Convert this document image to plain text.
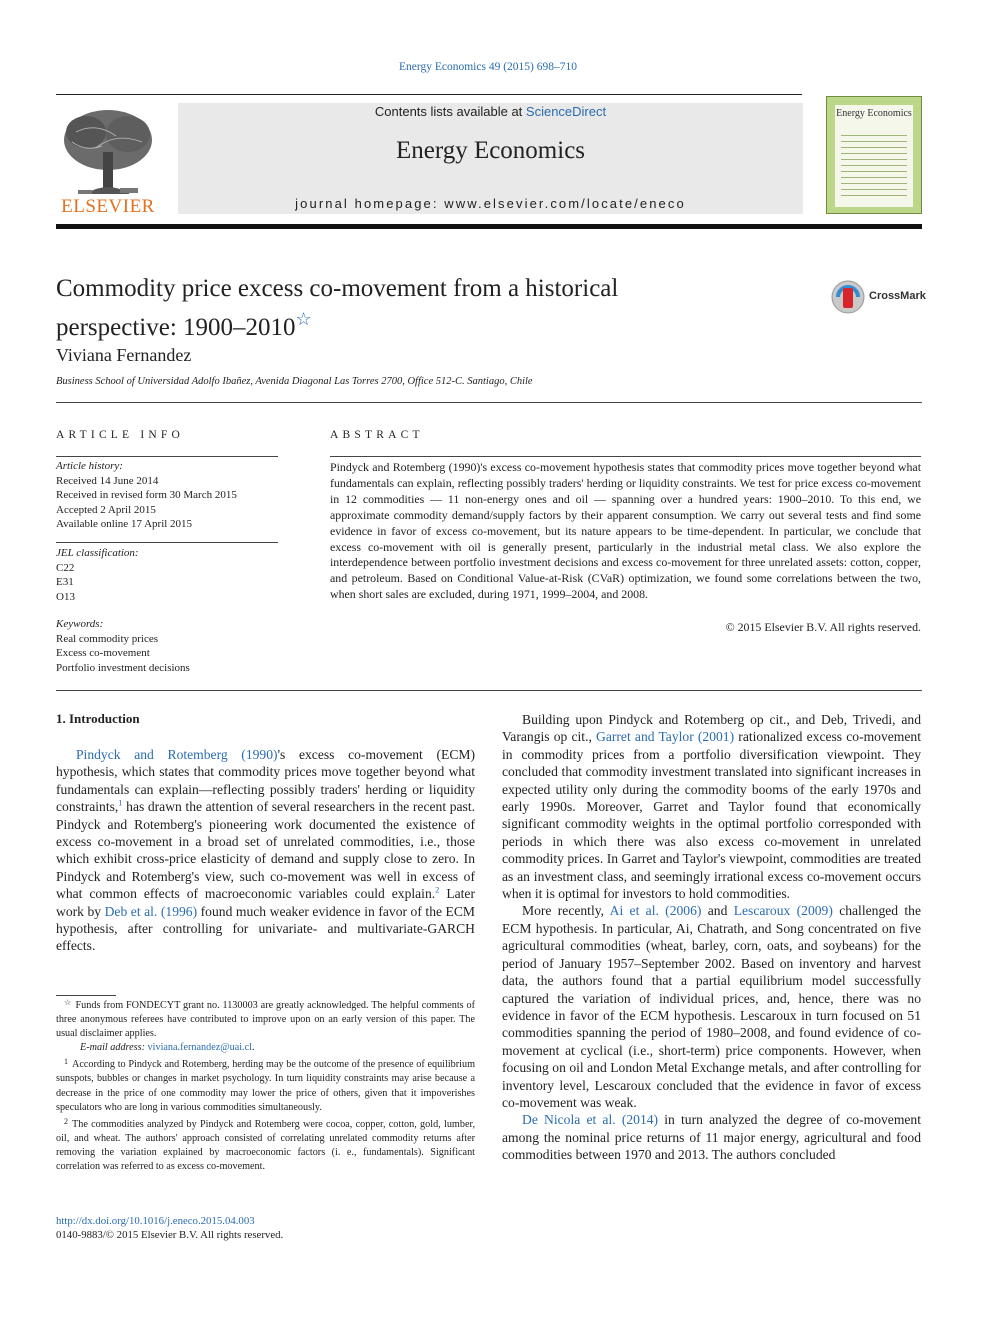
Energy Economics 49 (2015) 698–710
ELSEVIER
Contents lists available at ScienceDirect
Energy Economics
journal homepage: www.elsevier.com/locate/eneco
Energy Economics
Commodity price excess co-movement from a historical perspective: 1900–2010☆
CrossMark
Viviana Fernandez
Business School of Universidad Adolfo Ibañez, Avenida Diagonal Las Torres 2700, Office 512-C. Santiago, Chile
ARTICLE INFO
Article history:
Received 14 June 2014
Received in revised form 30 March 2015
Accepted 2 April 2015
Available online 17 April 2015
JEL classification:
C22
E31
O13
Keywords:
Real commodity prices
Excess co-movement
Portfolio investment decisions
ABSTRACT
Pindyck and Rotemberg (1990)'s excess co-movement hypothesis states that commodity prices move together beyond what fundamentals can explain, reflecting possibly traders' herding or liquidity constraints. We test for price excess co-movement in 12 commodities — 11 non-energy ones and oil — spanning over a hundred years: 1900–2010. To this end, we approximate commodity demand/supply factors by their apparent consumption. We carry out several tests and find some evidence in favor of excess co-movement, but its nature appears to be time-dependent. In particular, we conclude that excess co-movement with oil is generally present, particularly in the industrial metal class. We also explore the interdependence between portfolio investment decisions and excess co-movement for three unrelated assets: cotton, copper, and petroleum. Based on Conditional Value-at-Risk (CVaR) optimization, we found some correlations between the two, when short sales are excluded, during 1971, 1999–2004, and 2008.
© 2015 Elsevier B.V. All rights reserved.
1. Introduction

Pindyck and Rotemberg (1990)'s excess co-movement (ECM) hypothesis, which states that commodity prices move together beyond what fundamentals can explain—reflecting possibly traders' herding or liquidity constraints,$^1$ has drawn the attention of several researchers in the recent past. Pindyck and Rotemberg's pioneering work documented the existence of excess co-movement in a broad set of unrelated commodities, i.e., those which exhibit cross-price elasticity of demand and supply close to zero. In Pindyck and Rotemberg's view, such co-movement was well in excess of what common effects of macroeconomic variables could explain.$^2$ Later work by Deb et al. (1996) found much weaker evidence in favor of the ECM hypothesis, after controlling for univariate- and multivariate-GARCH effects.

Building upon Pindyck and Rotemberg op cit., and Deb, Trivedi, and Varangis op cit., Garret and Taylor (2001) rationalized excess co-movement in commodity prices from a portfolio diversification viewpoint. They concluded that commodity investment translated into significant increases in expected utility only during the commodity booms of the early 1970s and early 1990s. Moreover, Garret and Taylor found that economically significant commodity weights in the optimal portfolio corresponded with periods in which there was also excess co-movement in unrelated commodity prices. In Garret and Taylor's viewpoint, commodities are treated as an investment class, and seemingly irrational excess co-movement occurs when it is optimal for investors to hold commodities.

More recently, Ai et al. (2006) and Lescaroux (2009) challenged the ECM hypothesis. In particular, Ai, Chatrath, and Song concentrated on five agricultural commodities (wheat, barley, corn, oats, and soybeans) for the period of January 1957–September 2002. Based on inventory and harvest data, the authors found that a partial equilibrium model successfully captured the variation of individual prices, and, hence, there was no evidence in favor of the ECM hypothesis. Lescaroux in turn focused on 51 commodities spanning the period of 1980–2008, and found evidence of co-movement at cyclical (i.e., short-term) price components. However, when focusing on oil and London Metal Exchange metals, and after controlling for inventory level, Lescaroux concluded that the evidence in favor of excess co-movement was weak.

De Nicola et al. (2014) in turn analyzed the degree of co-movement among the nominal price returns of 11 major energy, agricultural and food commodities between 1970 and 2013. The authors concluded

☆ Funds from FONDECYT grant no. 1130003 are greatly acknowledged. The helpful comments of three anonymous referees have contributed to improve upon on an early version of this paper. The usual disclaimer applies.

E-mail address: viviana.fernandez@uai.cl.

$^1$ According to Pindyck and Rotemberg, herding may be the outcome of the presence of equilibrium sunspots, bubbles or changes in market psychology. In turn liquidity constraints may arise because a decrease in the price of one commodity may lower the price of others, given that it impoverishes speculators who are long in various commodities simultaneously.

$^2$ The commodities analyzed by Pindyck and Rotemberg were cocoa, copper, cotton, gold, lumber, oil, and wheat. The authors' approach consisted of correlating unrelated commodity returns after removing the variation explained by macroeconomic factors (i. e., fundamentals). Significant correlation was referred to as excess co-movement.

http://dx.doi.org/10.1016/j.eneco.2015.04.003
0140-9883/© 2015 Elsevier B.V. All rights reserved.
